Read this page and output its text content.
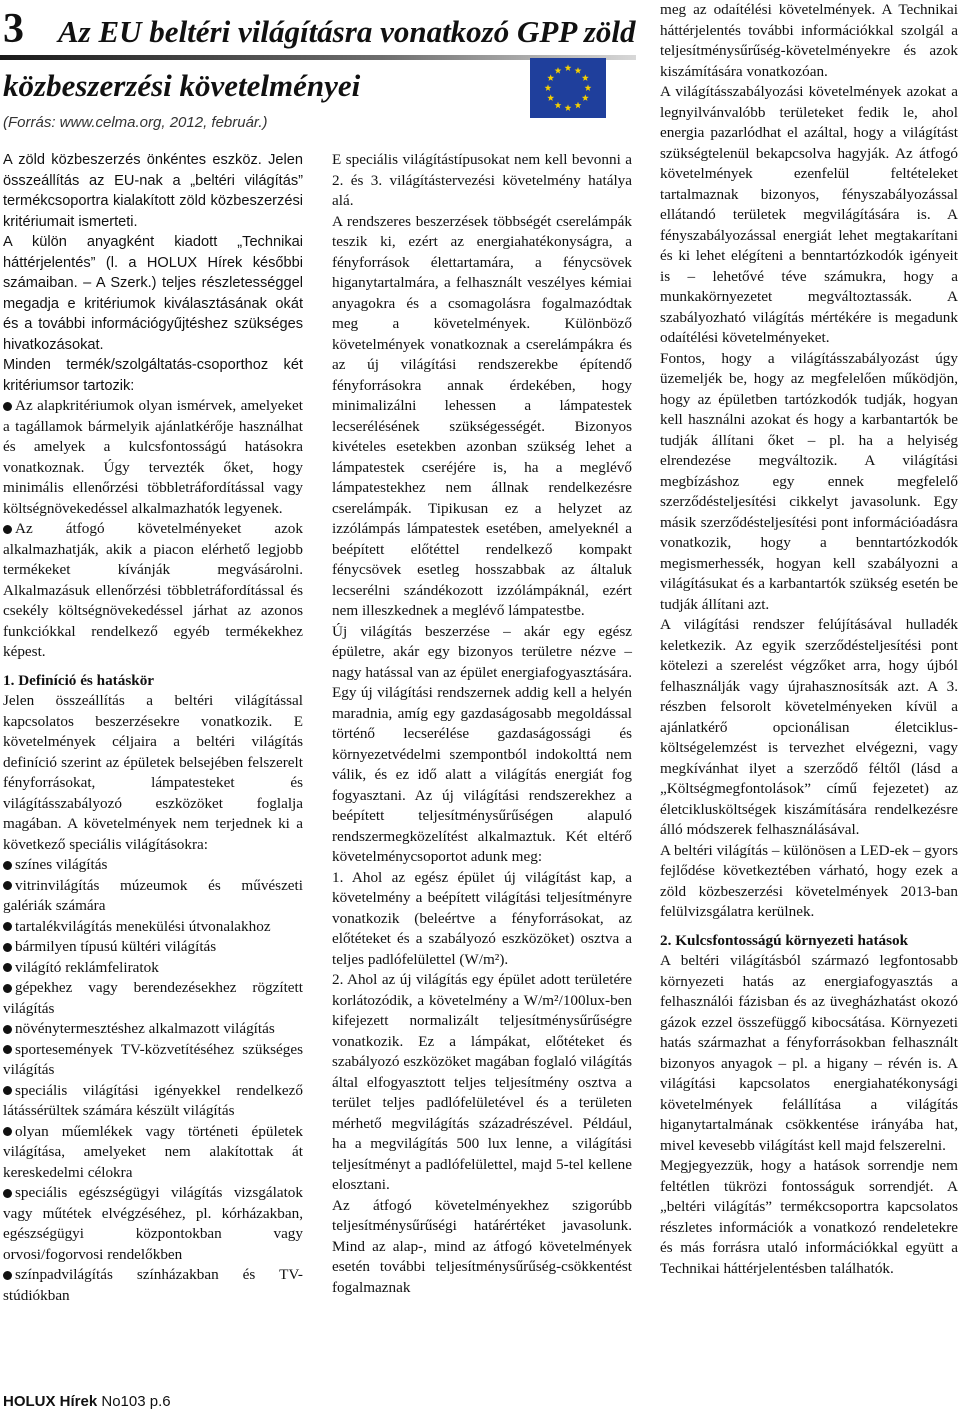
3 Az EU beltéri világításra vonatkozó GPP zöld
közbeszerzési követelményei
(Forrás: www.celma.org, 2012, február.)

A zöld közbeszerzés önkéntes eszköz. Jelen összeállítás az EU-nak a „beltéri világítás” termékcsoportra kialakított zöld közbeszerzési kritériumait ismerteti.

A külön anyagként kiadott „Technikai háttérjelentés” (l. a HOLUX Hírek későbbi számaiban. – A Szerk.) teljes részletességgel megadja e kritériumok kiválasztásának okát és a további információgyűjtéshez szükséges hivatkozásokat.

Minden termék/szolgáltatás-csoporthoz két kritériumsor tartozik:

Az alapkritériumok olyan ismérvek, amelyeket a tagállamok bármelyik ajánlatkérője használhat és amelyek a kulcsfontosságú hatásokra vonatkoznak. Úgy tervezték őket, hogy minimális ellenőrzési többletráfordítással vagy költségnövekedéssel alkalmazhatók legyenek.

Az átfogó követelményeket azok alkalmazhatják, akik a piacon elérhető legjobb termékeket kívánják megvásárolni. Alkalmazásuk ellenőrzési többletráfordítással és csekély költségnövekedéssel járhat az azonos funkciókkal rendelkező egyéb termékekhez képest.

1. Definíció és hatáskör

Jelen összeállítás a beltéri világítással kapcsolatos beszerzésekre vonatkozik. E követelmények céljaira a beltéri világítás definíció szerint az épületek belsejében felszerelt fényforrásokat, lámpatesteket és világításszabályozó eszközöket foglalja magában. A követelmények nem terjednek ki a következő speciális világításokra:

színes világítás

vitrinvilágítás múzeumok és művészeti galériák számára

tartalékvilágítás menekülési útvonalakhoz

bármilyen típusú kültéri világítás

világító reklámfeliratok

gépekhez vagy berendezésekhez rögzített világítás

növénytermesztéshez alkalmazott világítás

sportesemények TV-közvetítéséhez szükséges világítás

speciális világítási igényekkel rendelkező látássérültek számára készült világítás

olyan műemlékek vagy történeti épületek világítása, amelyeket nem alakítottak át kereskedelmi célokra

speciális egészségügyi világítás vizsgálatok vagy műtétek elvégzéséhez, pl. kórházakban, egészségügyi központokban vagy orvosi/fogorvosi rendelőkben

színpadvilágítás színházakban és TV-stúdiókban

E speciális világítástípusokat nem kell bevonni a 2. és 3. világítástervezési követelmény hatálya alá.

A rendszeres beszerzések többségét cserelámpák teszik ki, ezért az energiahatékonyságra, a fényforrások élettartamára, a fénycsövek higanytartalmára, a felhasznált veszélyes kémiai anyagokra és a csomagolásra fogalmazódtak meg a követelmények. Különböző követelmények vonatkoznak a cserelámpákra és az új világítási rendszerekbe építendő fényforrásokra annak érdekében, hogy minimalizálni lehessen a lámpatestek lecserélésének szükségességét. Bizonyos kivételes esetekben azonban szükség lehet a lámpatestek cseréjére is, ha a meglévő lámpatestekhez nem állnak rendelkezésre cserelámpák. Tipikusan ez a helyzet az izzólámpás lámpatestek esetében, amelyeknél a beépített előtéttel rendelkező kompakt fénycsövek esetleg hosszabbak az általuk lecserélni szándékozott izzólámpáknál, ezért nem illeszkednek a meglévő lámpatestbe.

Új világítás beszerzése – akár egy egész épületre, akár egy bizonyos területre nézve – nagy hatással van az épület energiafogyasztására. Egy új világítási rendszernek addig kell a helyén maradnia, amíg egy gazdaságosabb megoldással történő lecserélése gazdaságossági és környezetvédelmi szempontból indokolttá nem válik, és ez idő alatt a világítás energiát fog fogyasztani. Az új világítási rendszerekhez a beépített teljesítménysűrűségen alapuló rendszermegközelítést alkalmaztuk. Két eltérő követelménycsoportot adunk meg:

1. Ahol az egész épület új világítást kap, a követelmény a beépített világítási teljesítményre vonatkozik (beleértve a fényforrásokat, az előtéteket és a szabályozó eszközöket) osztva a teljes padlófelülettel (W/m²).

2. Ahol az új világítás egy épület adott területére korlátozódik, a követelmény a W/m²/100lux-ben kifejezett normalizált teljesítménysűrűségre vonatkozik. Ez a lámpákat, előtéteket és szabályozó eszközöket magában foglaló világítás által elfogyasztott teljes teljesítmény osztva a terület teljes padlófelületével és a területen mérhető megvilágítás századrészével. Például, ha a megvilágítás 500 lux lenne, a világítási teljesítményt a padlófelülettel, majd 5-tel kellene elosztani.

Az átfogó követelményekhez szigorúbb teljesítménysűrűségi határértéket javasolunk. Mind az alap-, mind az átfogó követelmények esetén további teljesítménysűrűség-csökkentést fogalmaznak

meg az odaítélési követelmények. A Technikai háttérjelentés további információkkal szolgál a teljesítménysűrűség-követelményekre és azok kiszámítására vonatkozóan.

A világításszabályozási követelmények azokat a legnyilvánvalóbb területeket fedik le, ahol energia pazarlódhat el azáltal, hogy a világítást szükségtelenül bekapcsolva hagyják. Az átfogó követelmények ezenfelül feltételeket tartalmaznak bizonyos, fényszabályozással ellátandó területek megvilágítására is. A fényszabályozással energiát lehet megtakarítani és ki lehet elégíteni a benntartózkodók igényeit is – lehetővé téve számukra, hogy a munkakörnyezetet megváltoztassák. A szabályozható világítás mértékére is megadunk odaítélési követelményeket.

Fontos, hogy a világításszabályozást úgy üzemeljék be, hogy az megfelelően működjön, hogy az épületben tartózkodók tudják, hogyan kell használni azokat és hogy a karbantartók be tudják állítani őket – pl. ha a helyiség elrendezése megváltozik. A világítási megbízáshoz egy ennek megfelelő szerződésteljesítési cikkelyt javasolunk. Egy másik szerződésteljesítési pont információadásra vonatkozik, hogy a benntartózkodók megismerhessék, hogyan kell szabályozni a világításukat és a karbantartók szükség esetén be tudják állítani azt.

A világítási rendszer felújításával hulladék keletkezik. Az egyik szerződésteljesítési pont kötelezi a szerelést végzőket arra, hogy újból felhasználják vagy újrahasznosítsák azt. A 3. részben felsorolt követelményeken kívül a ajánlatkérő opcionálisan életciklus-költségelemzést is tervezhet elvégezni, vagy megkívánhat ilyet a szerződő féltől (lásd a „Költségmegfontolások” című fejezetet) az életciklusköltségek kiszámítására rendelkezésre álló módszerek felhasználásával.

A beltéri világítás – különösen a LED-ek – gyors fejlődése következtében várható, hogy ezek a zöld közbeszerzési követelmények 2013-ban felülvizsgálatra kerülnek.

2. Kulcsfontosságú környezeti hatások

A beltéri világításból származó legfontosabb környezeti hatás az energiafogyasztás a felhasználói fázisban és az üvegházhatást okozó gázok ezzel összefüggő kibocsátása. Környezeti hatás származhat a fényforrásokban felhasznált bizonyos anyagok – pl. a higany – révén is. A világítási kapcsolatos energiahatékonysági követelmények felállítása a világítás higanytartalmának csökkentése irányába hat, mivel kevesebb világítást kell majd felszerelni.

Megjegyezzük, hogy a hatások sorrendje nem feltétlen tükrözi fontosságuk sorrendjét. A „beltéri világítás” termékcsoportra kapcsolatos részletes információk a vonatkozó rendeletekre és más forrásra utaló információkkal együtt a Technikai háttérjelentésben találhatók.

HOLUX Hírek No103 p.6
